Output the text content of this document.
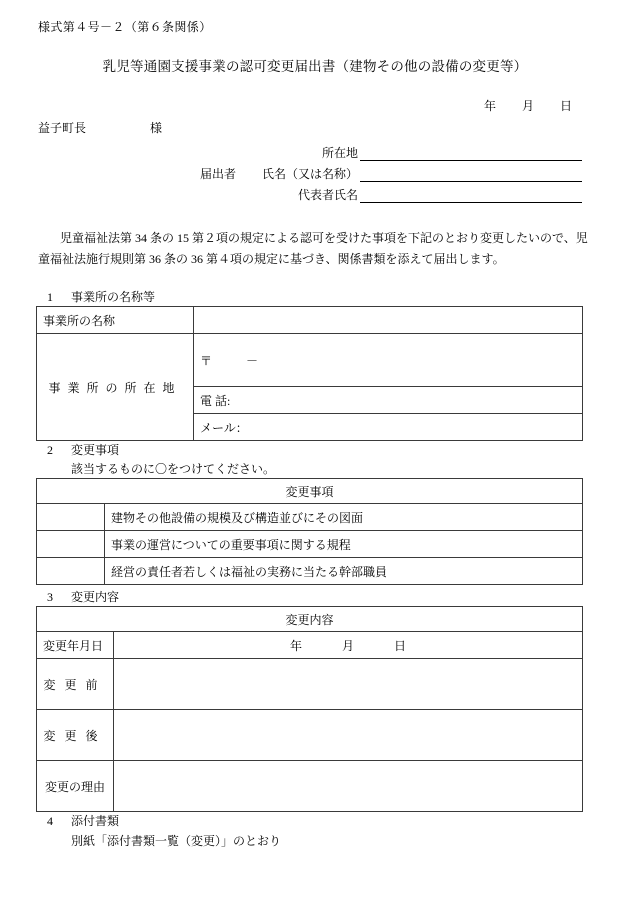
様式第４号－２（第６条関係）
乳児等通園支援事業の認可変更届出書（建物その他の設備の変更等）
年 月 日
益子町長	様
所在地
届出者	氏名（又は名称）
代表者氏名
児童福祉法第 34 条の 15 第２項の規定による認可を受けた事項を下記のとおり変更したいので、児童福祉法施行規則第 36 条の 36 第４項の規定に基づき、関係書類を添えて届出します。
1 事業所の名称等
事業所の名称	
事業所の所在地	〒 －
	電 話:
	メール：
2 変更事項
該当するものに〇をつけてください。
変更事項	
	建物その他設備の規模及び構造並びにその図面
	事業の運営についての重要事項に関する規程
	経営の責任者若しくは福祉の実務に当たる幹部職員
3 変更内容
変更内容	
変更年月日	年 月 日
変更前	
変更後	
変更の理由	
4 添付書類
別紙「添付書類一覧（変更）」のとおり
